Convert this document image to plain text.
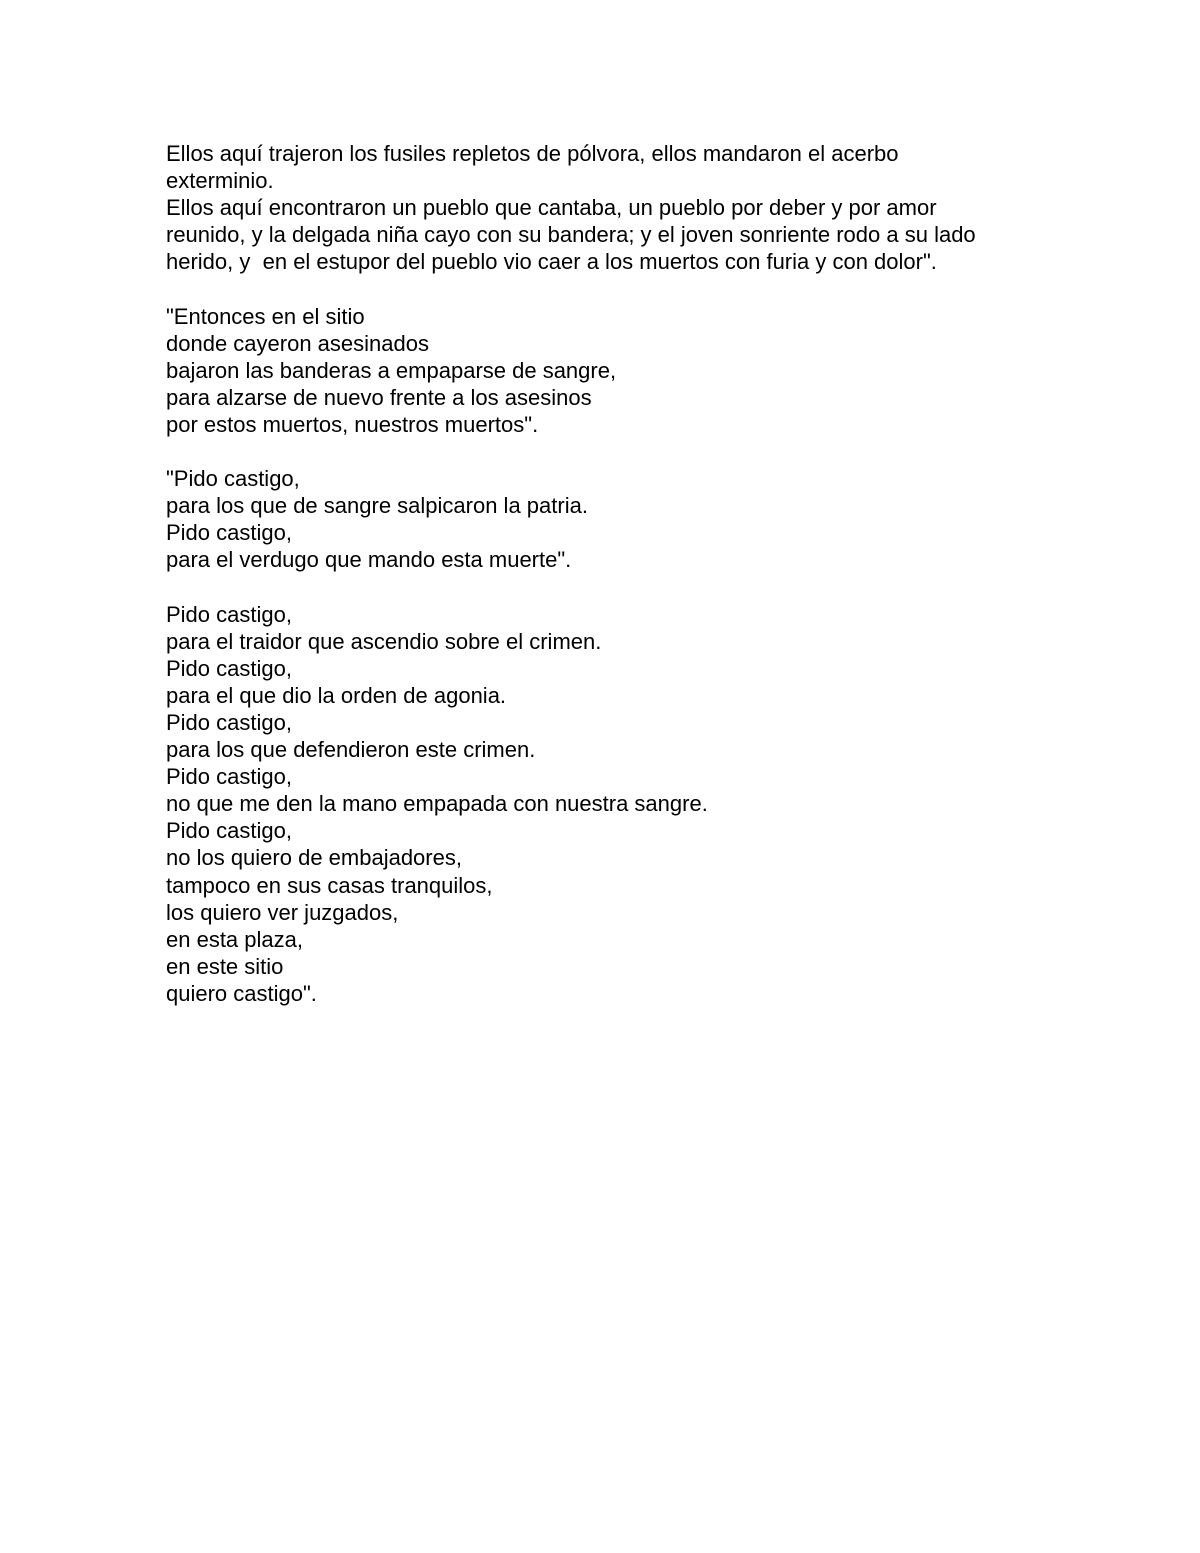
Ellos aquí trajeron los fusiles repletos de pólvora, ellos mandaron el acerbo
exterminio.
Ellos aquí encontraron un pueblo que cantaba, un pueblo por deber y por amor
reunido, y la delgada niña cayo con su bandera; y el joven sonriente rodo a su lado
herido, y  en el estupor del pueblo vio caer a los muertos con furia y con dolor".
"Entonces en el sitio
donde cayeron asesinados
bajaron las banderas a empaparse de sangre,
para alzarse de nuevo frente a los asesinos
por estos muertos, nuestros muertos".
"Pido castigo,
para los que de sangre salpicaron la patria.
Pido castigo,
para el verdugo que mando esta muerte".
Pido castigo,
para el traidor que ascendio sobre el crimen.
Pido castigo,
para el que dio la orden de agonia.
Pido castigo,
para los que defendieron este crimen.
Pido castigo,
no que me den la mano empapada con nuestra sangre.
Pido castigo,
no los quiero de embajadores,
tampoco en sus casas tranquilos,
los quiero ver juzgados,
en esta plaza,
en este sitio
quiero castigo".
